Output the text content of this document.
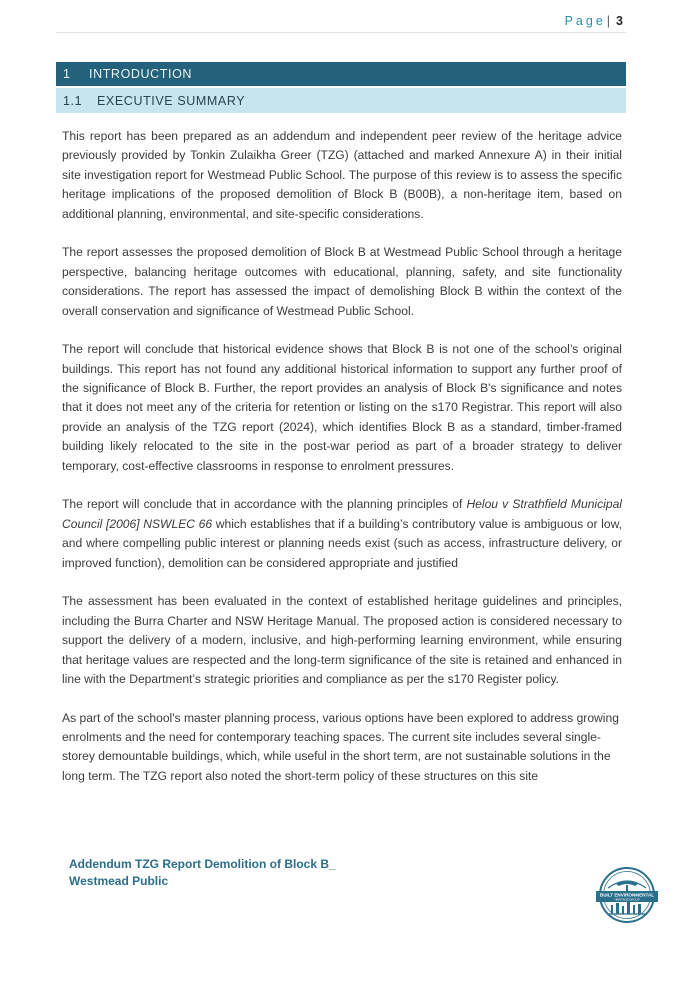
Page| 3
1	INTRODUCTION
1.1	EXECUTIVE SUMMARY

This report has been prepared as an addendum and independent peer review of the heritage advice previously provided by Tonkin Zulaikha Greer (TZG) (attached and marked Annexure A) in their initial site investigation report for Westmead Public School. The purpose of this review is to assess the specific heritage implications of the proposed demolition of Block B (B00B), a non-heritage item, based on additional planning, environmental, and site-specific considerations.

The report assesses the proposed demolition of Block B at Westmead Public School through a heritage perspective, balancing heritage outcomes with educational, planning, safety, and site functionality considerations. The report has assessed the impact of demolishing Block B within the context of the overall conservation and significance of Westmead Public School.

The report will conclude that historical evidence shows that Block B is not one of the school’s original buildings. This report has not found any additional historical information to support any further proof of the significance of Block B. Further, the report provides an analysis of Block B's significance and notes that it does not meet any of the criteria for retention or listing on the s170 Registrar. This report will also provide an analysis of the TZG report (2024), which identifies Block B as a standard, timber-framed building likely relocated to the site in the post-war period as part of a broader strategy to deliver temporary, cost-effective classrooms in response to enrolment pressures.

The report will conclude that in accordance with the planning principles of Helou v Strathfield Municipal Council [2006] NSWLEC 66 which establishes that if a building’s contributory value is ambiguous or low, and where compelling public interest or planning needs exist (such as access, infrastructure delivery, or improved function), demolition can be considered appropriate and justified

The assessment has been evaluated in the context of established heritage guidelines and principles, including the Burra Charter and NSW Heritage Manual. The proposed action is considered necessary to support the delivery of a modern, inclusive, and high-performing learning environment, while ensuring that heritage values are respected and the long-term significance of the site is retained and enhanced in line with the Department’s strategic priorities and compliance as per the s170 Register policy.

As part of the school's master planning process, various options have been explored to address growing enrolments and the need for contemporary teaching spaces. The current site includes several single-storey demountable buildings, which, while useful in the short term, are not sustainable solutions in the long term. The TZG report also noted the short-term policy of these structures on this site

Addendum TZG Report Demolition of Block B_
Westmead Public
BUILT ENVIRONMENTAL
HERITAGE GROUP
